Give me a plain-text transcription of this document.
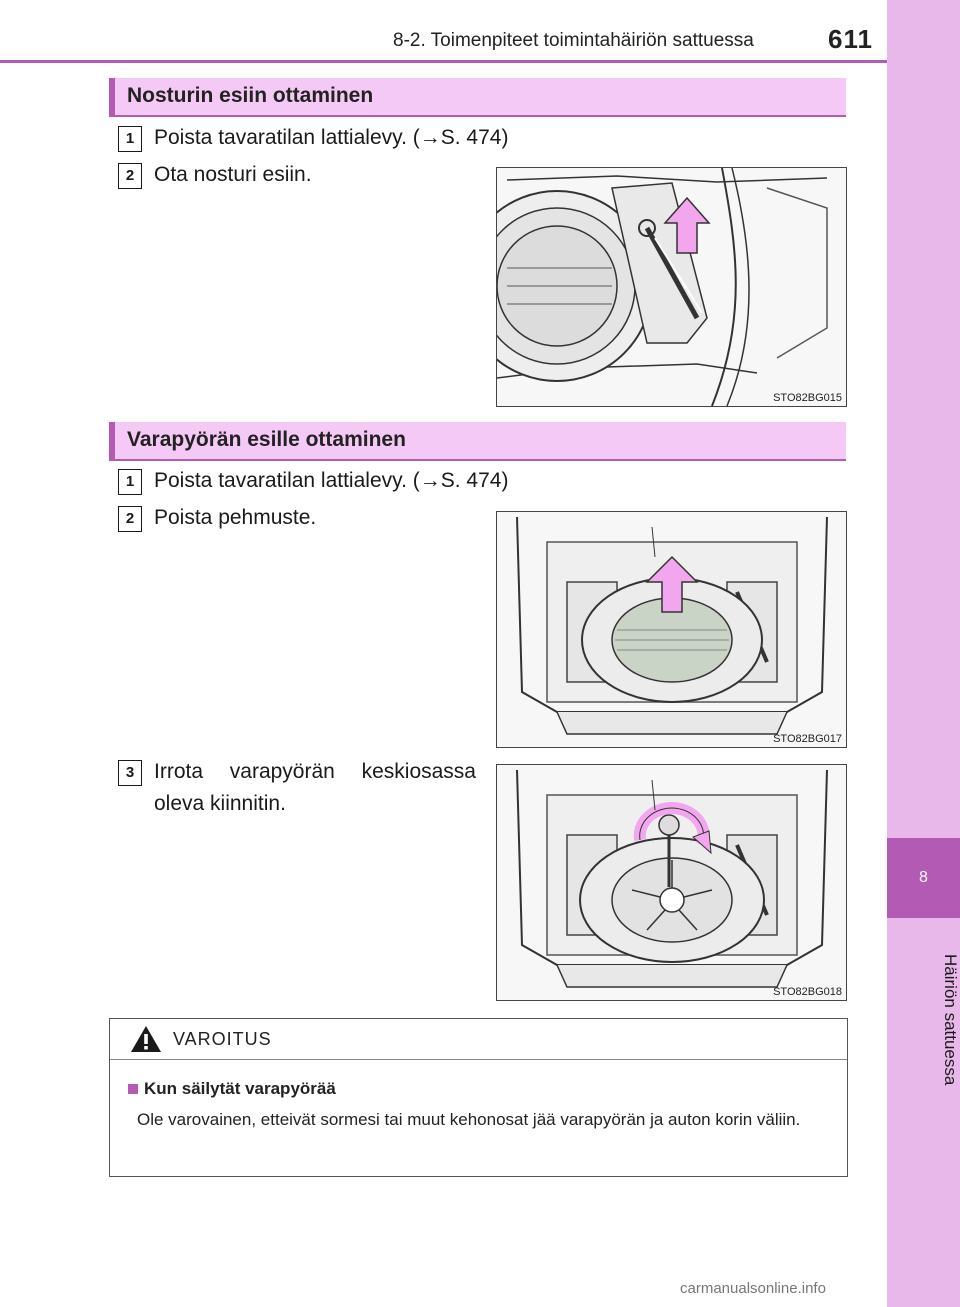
8-2. Toimenpiteet toimintahäiriön sattuessa	611
8
Häiriön sattuessa
Nosturin esiin ottaminen
1 Poista tavaratilan lattialevy. (→S. 474)
2 Ota nosturi esiin.
STO82BG015
Varapyörän esille ottaminen
1 Poista tavaratilan lattialevy. (→S. 474)
2 Poista pehmuste.
STO82BG017
3 Irrota varapyörän keskiosassa oleva kiinnitin.
STO82BG018
VAROITUS
Kun säilytät varapyörää
Ole varovainen, etteivät sormesi tai muut kehonosat jää varapyörän ja auton korin väliin.
carmanualsonline.info
